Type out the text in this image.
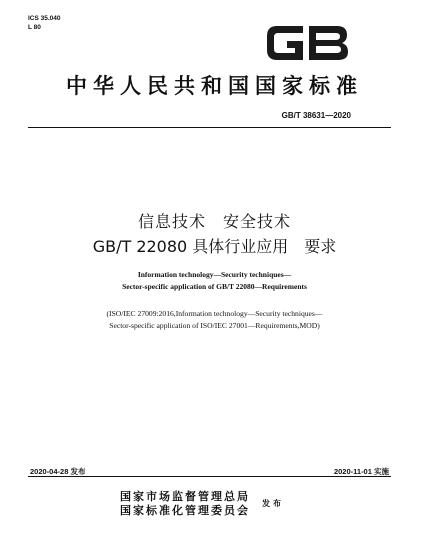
ICS 35.040
L 80
中华人民共和国国家标准
GB/T 38631—2020
信息技术　安全技术
GB/T 22080 具体行业应用　要求
Information technology—Security techniques—
Sector-specific application of GB/T 22080—Requirements
(ISO/IEC 27009:2016,Information technology—Security techniques—
Sector-specific application of ISO/IEC 27001—Requirements,MOD)
2020-04-28 发布	2020-11-01 实施
国家市场监督管理总局
国家标准化管理委员会
发布
